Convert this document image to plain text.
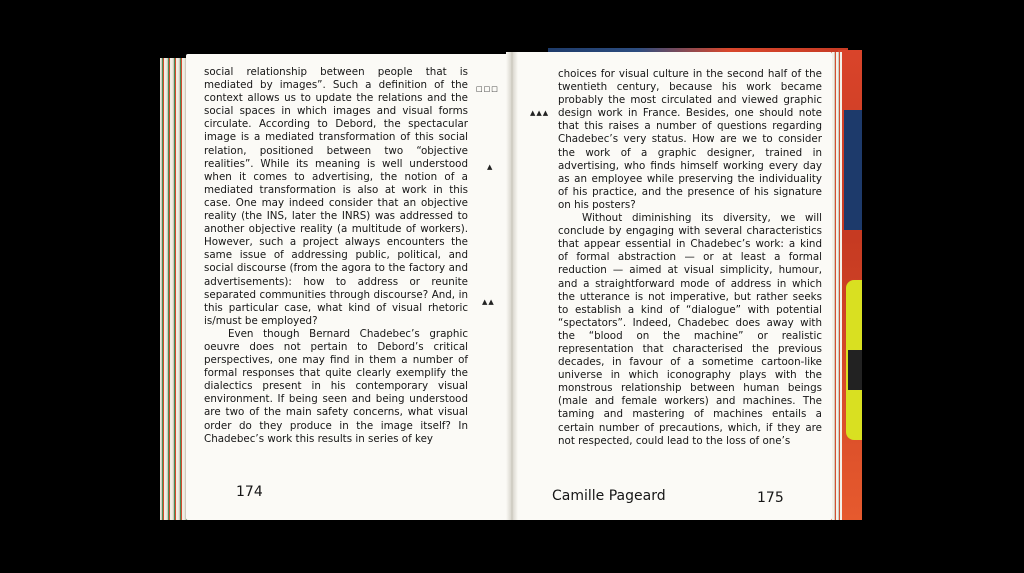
social relationship between people that is mediated by images”. Such a definition of the context allows us to update the relations and the social spaces in which images and visual forms circulate. According to Debord, the spectacular image is a mediated transformation of this social relation, positioned between two “objective realities”. While its meaning is well understood when it comes to advertising, the notion of a mediated transformation is also at work in this case. One may indeed consider that an objective reality (the INS, later the INRS) was addressed to another objective reality (a multitude of workers). However, such a project always encounters the same issue of addressing public, political, and social discourse (from the agora to the factory and advertisements): how to address or reunite separated communities through discourse? And, in this particular case, what kind of visual rhetoric is/must be employed?

Even though Bernard Chadebec’s graphic oeuvre does not pertain to Debord’s critical perspectives, one may find in them a number of formal responses that quite clearly exemplify the dialectics present in his contemporary visual environment. If being seen and being understood are two of the main safety concerns, what visual order do they produce in the image itself? In Chadebec’s work this results in series of key

□□□
▲
▲▲
▲▲▲
174

choices for visual culture in the second half of the twentieth century, because his work became probably the most circulated and viewed graphic design work in France. Besides, one should note that this raises a number of questions regarding Chadebec’s very status. How are we to consider the work of a graphic designer, trained in advertising, who finds himself working every day as an employee while preserving the individuality of his practice, and the presence of his signature on his posters?

Without diminishing its diversity, we will conclude by engaging with several characteristics that appear essential in Chadebec’s work: a kind of formal abstraction — or at least a formal reduction — aimed at visual simplicity, humour, and a straightforward mode of address in which the utterance is not imperative, but rather seeks to establish a kind of “dialogue” with potential “spectators”. Indeed, Chadebec does away with the “blood on the machine” or realistic representation that characterised the previous decades, in favour of a sometime cartoon-like universe in which iconography plays with the monstrous relationship between human beings (male and female workers) and machines. The taming and mastering of machines entails a certain number of precautions, which, if they are not respected, could lead to the loss of one’s

Camille Pageard	175
